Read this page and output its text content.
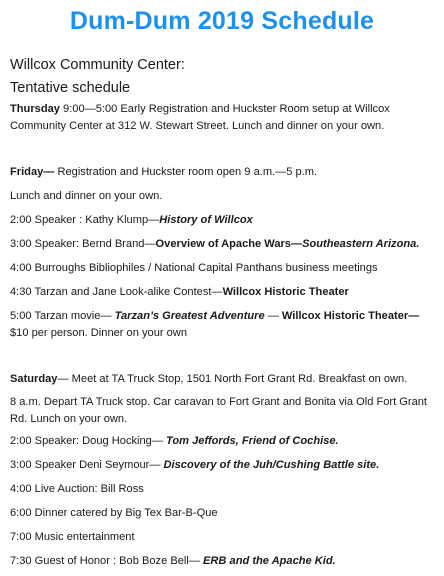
Dum-Dum 2019 Schedule
Willcox Community Center:
Tentative schedule
Thursday 9:00—5:00 Early Registration and Huckster Room setup at Willcox Community Center at 312 W. Stewart Street. Lunch and dinner on your own.
Friday— Registration and Huckster room open 9 a.m.—5 p.m.
Lunch and dinner on your own.
2:00 Speaker : Kathy Klump—History of Willcox
3:00 Speaker: Bernd Brand—Overview of Apache Wars—Southeastern Arizona.
4:00 Burroughs Bibliophiles / National Capital Panthans business meetings
4:30 Tarzan and Jane Look-alike Contest—Willcox Historic Theater
5:00 Tarzan movie— Tarzan’s Greatest Adventure — Willcox Historic Theater—
$10 per person. Dinner on your own
Saturday— Meet at TA Truck Stop, 1501 North Fort Grant Rd. Breakfast on own.
8 a.m. Depart TA Truck stop. Car caravan to Fort Grant and Bonita via Old Fort Grant Rd. Lunch on your own.
2:00 Speaker: Doug Hocking— Tom Jeffords, Friend of Cochise.
3:00 Speaker Deni Seymour— Discovery of the Juh/Cushing Battle site.
4:00 Live Auction: Bill Ross
6:00 Dinner catered by Big Tex Bar-B-Que
7:00 Music entertainment
7:30 Guest of Honor : Bob Boze Bell— ERB and the Apache Kid.
